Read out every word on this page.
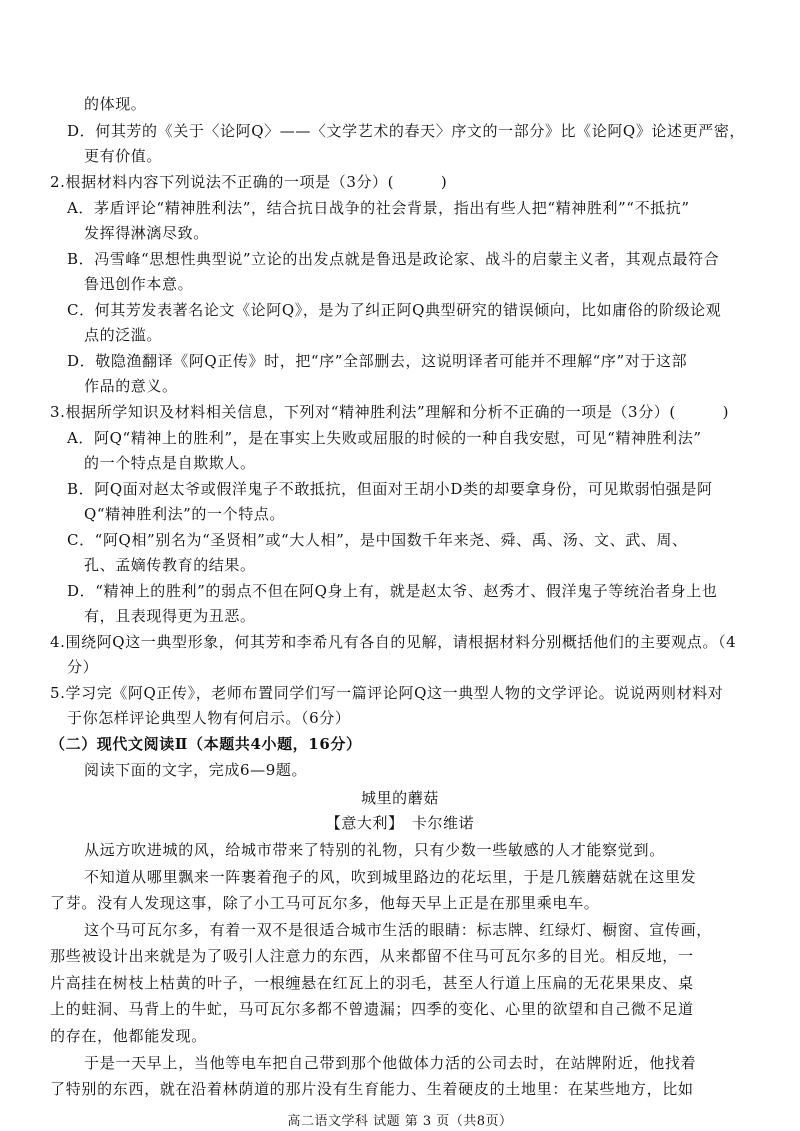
的体现。
D．何其芳的《关于〈论阿Q〉——〈文学艺术的春天〉序文的一部分》比《论阿Q》论述更严密，
更有价值。
2.根据材料内容下列说法不正确的一项是（3分）(　　　)
A．茅盾评论“精神胜利法”，结合抗日战争的社会背景，指出有些人把“精神胜利”“不抵抗”
发挥得淋漓尽致。
B．冯雪峰“思想性典型说”立论的出发点就是鲁迅是政论家、战斗的启蒙主义者，其观点最符合
鲁迅创作本意。
C．何其芳发表著名论文《论阿Q》，是为了纠正阿Q典型研究的错误倾向，比如庸俗的阶级论观
点的泛滥。
D．敬隐渔翻译《阿Q正传》时，把“序”全部删去，这说明译者可能并不理解“序”对于这部
作品的意义。
3.根据所学知识及材料相关信息，下列对“精神胜利法”理解和分析不正确的一项是（3分）(　　　)
A．阿Q“精神上的胜利”，是在事实上失败或屈服的时候的一种自我安慰，可见“精神胜利法”
的一个特点是自欺欺人。
B．阿Q面对赵太爷或假洋鬼子不敢抵抗，但面对王胡小D类的却要拿身份，可见欺弱怕强是阿
Q“精神胜利法”的一个特点。
C．“阿Q相”别名为“圣贤相”或“大人相”，是中国数千年来尧、舜、禹、汤、文、武、周、
孔、孟嫡传教育的结果。
D．“精神上的胜利”的弱点不但在阿Q身上有，就是赵太爷、赵秀才、假洋鬼子等统治者身上也
有，且表现得更为丑恶。
4.围绕阿Q这一典型形象，何其芳和李希凡有各自的见解，请根据材料分别概括他们的主要观点。（4
分）
5.学习完《阿Q正传》，老师布置同学们写一篇评论阿Q这一典型人物的文学评论。说说两则材料对
于你怎样评论典型人物有何启示。（6分）
（二）现代文阅读Ⅱ（本题共4小题，16分）
阅读下面的文字，完成6—9题。
城里的蘑菇
【意大利】　卡尔维诺
从远方吹进城的风，给城市带来了特别的礼物，只有少数一些敏感的人才能察觉到。
不知道从哪里飘来一阵裹着孢子的风，吹到城里路边的花坛里，于是几簇蘑菇就在这里发
了芽。没有人发现这事，除了小工马可瓦尔多，他每天早上正是在那里乘电车。
这个马可瓦尔多，有着一双不是很适合城市生活的眼睛：标志牌、红绿灯、橱窗、宣传画，
那些被设计出来就是为了吸引人注意力的东西，从来都留不住马可瓦尔多的目光。相反地，一
片高挂在树枝上枯黄的叶子，一根缠悬在红瓦上的羽毛，甚至人行道上压扁的无花果果皮、桌
上的蛀洞、马背上的牛虻，马可瓦尔多都不曾遗漏；四季的变化、心里的欲望和自己微不足道
的存在，他都能发现。
于是一天早上，当他等电车把自己带到那个他做体力活的公司去时，在站牌附近，他找着
了特别的东西，就在沿着林荫道的那片没有生育能力、生着硬皮的土地里：在某些地方，比如
高二语文学科 试题 第 3 页（共8页）
